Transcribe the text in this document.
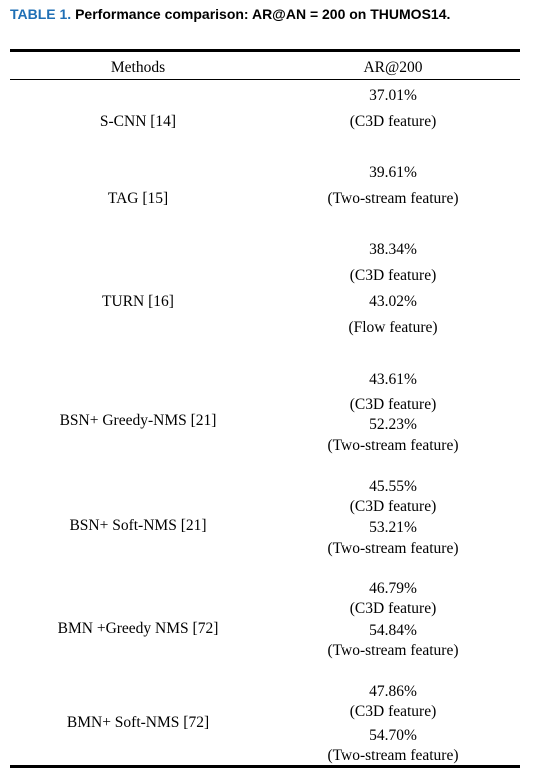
TABLE 1. Performance comparison: AR@AN = 200 on THUMOS14.
Methods	AR@200
S-CNN [14]
37.01%
(C3D feature)
TAG [15]
39.61%
(Two-stream feature)
TURN [16]
38.34%
(C3D feature)
43.02%
(Flow feature)
BSN+ Greedy-NMS [21]
43.61%
(C3D feature)
52.23%
(Two-stream feature)
BSN+ Soft-NMS [21]
45.55%
(C3D feature)
53.21%
(Two-stream feature)
BMN +Greedy NMS [72]
46.79%
(C3D feature)
54.84%
(Two-stream feature)
BMN+ Soft-NMS [72]
47.86%
(C3D feature)
54.70%
(Two-stream feature)
